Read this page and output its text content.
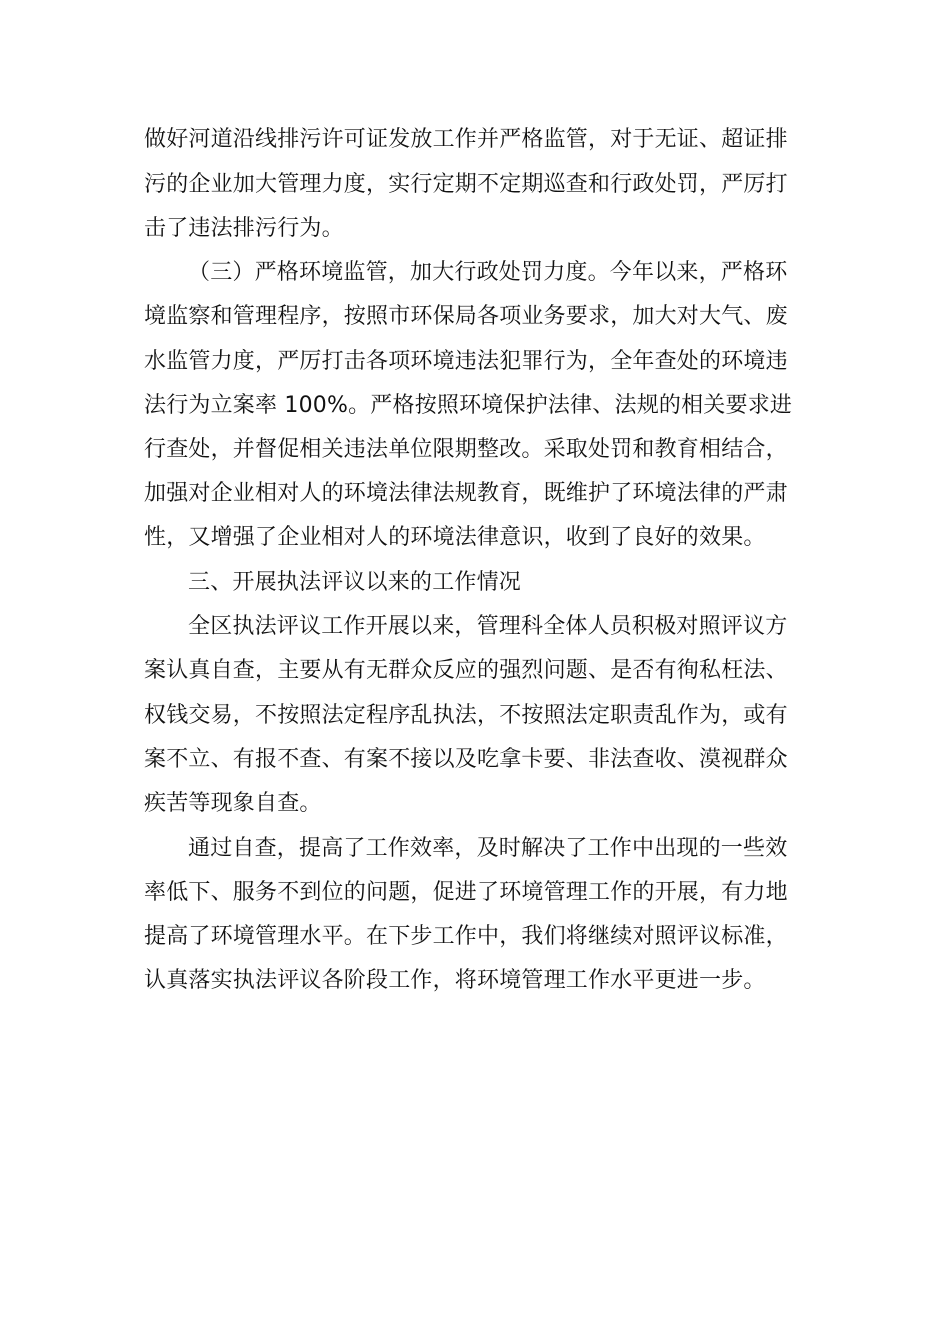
做好河道沿线排污许可证发放工作并严格监管，对于无证、超证排
污的企业加大管理力度，实行定期不定期巡查和行政处罚，严厉打
击了违法排污行为。
（三）严格环境监管，加大行政处罚力度。今年以来，严格环
境监察和管理程序，按照市环保局各项业务要求，加大对大气、废
水监管力度，严厉打击各项环境违法犯罪行为，全年查处的环境违
法行为立案率 100%。严格按照环境保护法律、法规的相关要求进
行查处，并督促相关违法单位限期整改。采取处罚和教育相结合，
加强对企业相对人的环境法律法规教育，既维护了环境法律的严肃
性，又增强了企业相对人的环境法律意识，收到了良好的效果。
三、开展执法评议以来的工作情况
全区执法评议工作开展以来，管理科全体人员积极对照评议方
案认真自查，主要从有无群众反应的强烈问题、是否有徇私枉法、
权钱交易，不按照法定程序乱执法，不按照法定职责乱作为，或有
案不立、有报不查、有案不接以及吃拿卡要、非法查收、漠视群众
疾苦等现象自查。
通过自查，提高了工作效率，及时解决了工作中出现的一些效
率低下、服务不到位的问题，促进了环境管理工作的开展，有力地
提高了环境管理水平。在下步工作中，我们将继续对照评议标准，
认真落实执法评议各阶段工作，将环境管理工作水平更进一步。
